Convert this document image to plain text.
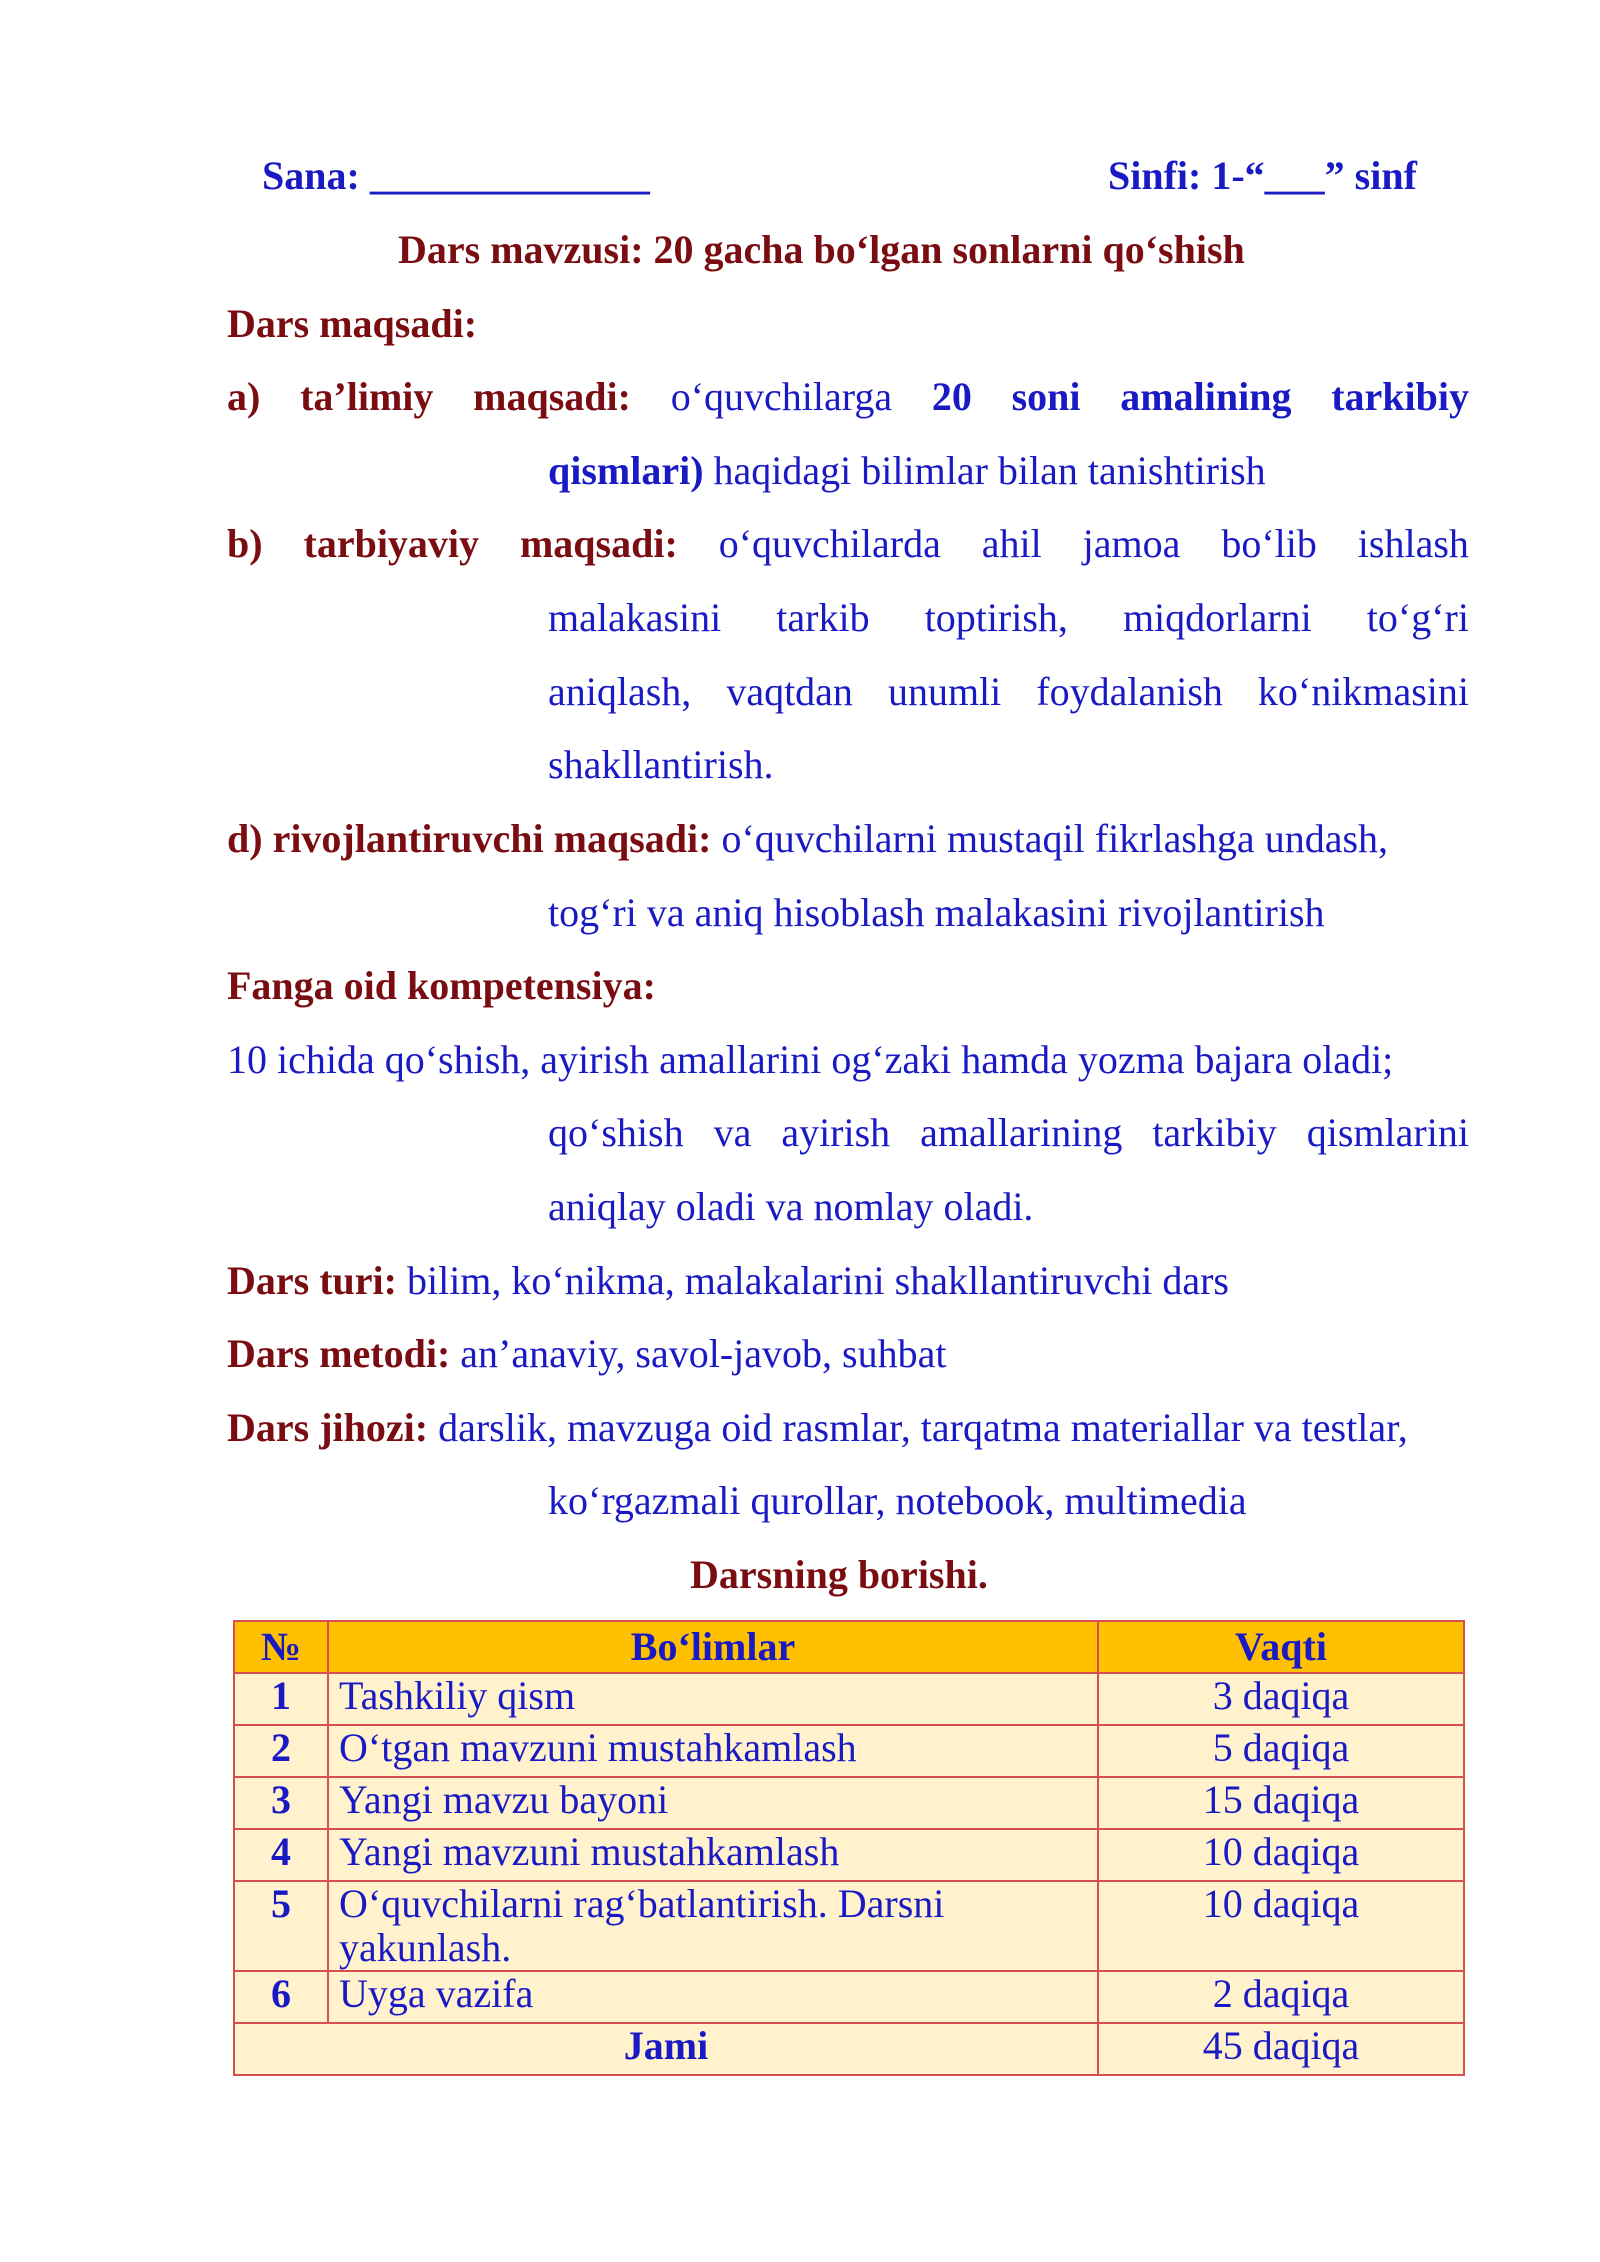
Sana: ______________	Sinfi: 1-“___” sinf
Dars mavzusi: 20 gacha bo‘lgan sonlarni qo‘shish
Dars maqsadi:
a) ta’limiy maqsadi: o‘quvchilarga 20 soni amalining tarkibiy
qismlari) haqidagi bilimlar bilan tanishtirish
b) tarbiyaviy maqsadi: o‘quvchilarda ahil jamoa bo‘lib ishlash
malakasini tarkib toptirish, miqdorlarni to‘g‘ri
aniqlash, vaqtdan unumli foydalanish ko‘nikmasini
shakllantirish.
d) rivojlantiruvchi maqsadi: o‘quvchilarni mustaqil fikrlashga undash,
tog‘ri va aniq hisoblash malakasini rivojlantirish
Fanga oid kompetensiya:
10 ichida qo‘shish, ayirish amallarini og‘zaki hamda yozma bajara oladi;
qo‘shish va ayirish amallarining tarkibiy qismlarini
aniqlay oladi va nomlay oladi.
Dars turi: bilim, ko‘nikma, malakalarini shakllantiruvchi dars
Dars metodi: an’anaviy, savol-javob, suhbat
Dars jihozi: darslik, mavzuga oid rasmlar, tarqatma materiallar va testlar,
ko‘rgazmali qurollar, notebook, multimedia
Darsning borishi.
№	Bo‘limlar	Vaqti
1	Tashkiliy qism	3 daqiqa
2	O‘tgan mavzuni mustahkamlash	5 daqiqa
3	Yangi mavzu bayoni	15 daqiqa
4	Yangi mavzuni mustahkamlash	10 daqiqa
5	O‘quvchilarni rag‘batlantirish. Darsni yakunlash.	10 daqiqa
6	Uyga vazifa	2 daqiqa
Jami		45 daqiqa
